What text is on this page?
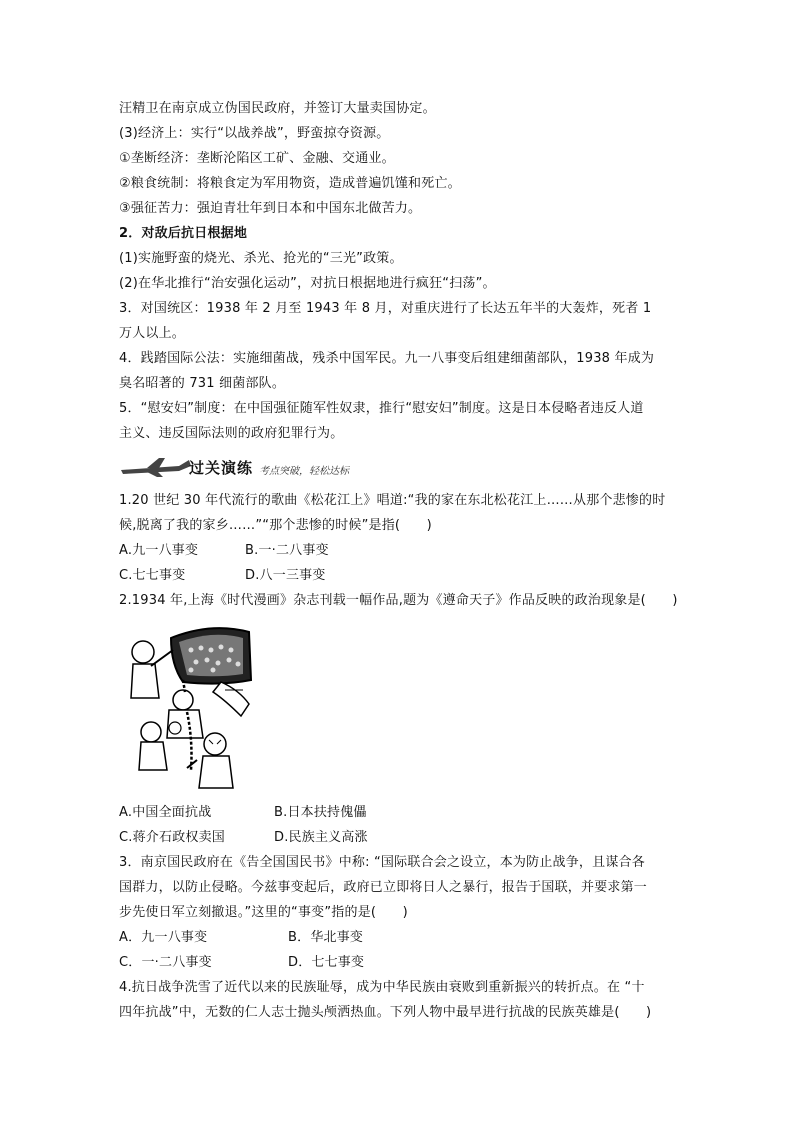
汪精卫在南京成立伪国民政府，并签订大量卖国协定。
(3)经济上：实行“以战养战”，野蛮掠夺资源。
①垄断经济：垄断沦陷区工矿、金融、交通业。
②粮食统制：将粮食定为军用物资，造成普遍饥馑和死亡。
③强征苦力：强迫青壮年到日本和中国东北做苦力。
2．对敌后抗日根据地
(1)实施野蛮的烧光、杀光、抢光的“三光”政策。
(2)在华北推行“治安强化运动”，对抗日根据地进行疯狂“扫荡”。
3．对国统区：1938 年 2 月至 1943 年 8 月，对重庆进行了长达五年半的大轰炸，死者 1
万人以上。
4．践踏国际公法：实施细菌战，残杀中国军民。九一八事变后组建细菌部队，1938 年成为
臭名昭著的 731 细菌部队。
5．“慰安妇”制度：在中国强征随军性奴隶，推行“慰安妇”制度。这是日本侵略者违反人道
主义、违反国际法则的政府犯罪行为。
过关演练 考点突破，轻松达标
1.20 世纪 30 年代流行的歌曲《松花江上》唱道:“我的家在东北松花江上……从那个悲惨的时
候,脱离了我的家乡……”“那个悲惨的时候”是指(　　)
A.九一八事变	B.一·二八事变
C.七七事变	D.八一三事变
2.1934 年,上海《时代漫画》杂志刊载一幅作品,题为《遵命天子》作品反映的政治现象是(　　)
A.中国全面抗战	B.日本扶持傀儡
C.蒋介石政权卖国	D.民族主义高涨
3．南京国民政府在《告全国国民书》中称: “国际联合会之设立，本为防止战争，且谋合各
国群力，以防止侵略。今兹事变起后，政府已立即将日人之暴行，报告于国联，并要求第一
步先使日军立刻撤退。”这里的“事变”指的是(　　)
A．九一八事变	B．华北事变
C．一·二八事变	D．七七事变
4.抗日战争洗雪了近代以来的民族耻辱，成为中华民族由衰败到重新振兴的转折点。在 “十
四年抗战”中，无数的仁人志士抛头颅洒热血。下列人物中最早进行抗战的民族英雄是(　　)
